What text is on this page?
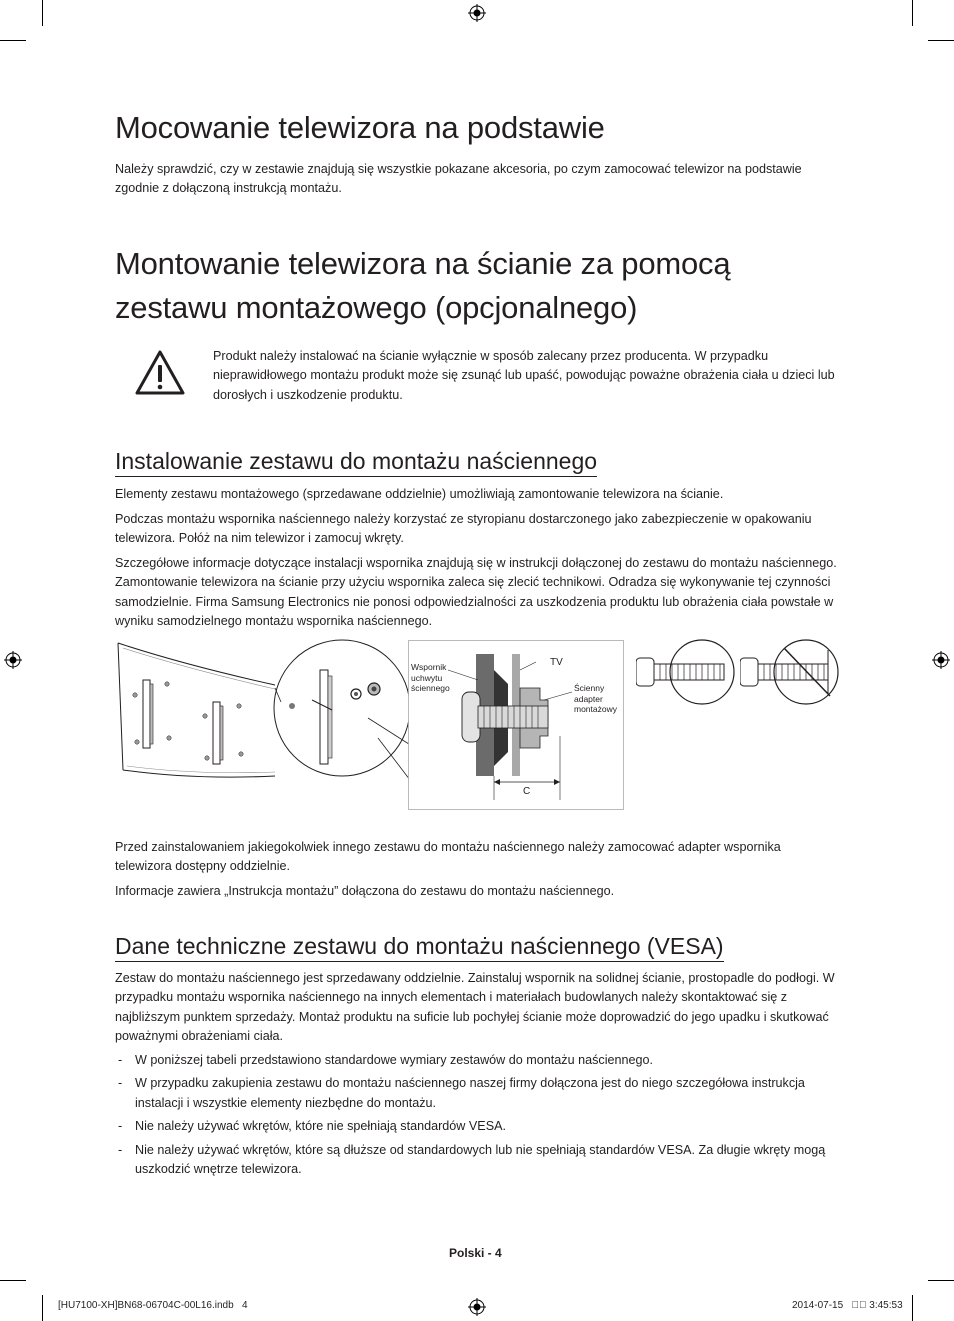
Mocowanie telewizora na podstawie

Należy sprawdzić, czy w zestawie znajdują się wszystkie pokazane akcesoria, po czym zamocować telewizor na podstawie zgodnie z dołączoną instrukcją montażu.

Montowanie telewizora na ścianie za pomocą
zestawu montażowego (opcjonalnego)

Produkt należy instalować na ścianie wyłącznie w sposób zalecany przez producenta. W przypadku nieprawidłowego montażu produkt może się zsunąć lub upaść, powodując poważne obrażenia ciała u dzieci lub dorosłych i uszkodzenie produktu.

Instalowanie zestawu do montażu naściennego

Elementy zestawu montażowego (sprzedawane oddzielnie) umożliwiają zamontowanie telewizora na ścianie.

Podczas montażu wspornika naściennego należy korzystać ze styropianu dostarczonego jako zabezpieczenie w opakowaniu telewizora. Połóż na nim telewizor i zamocuj wkręty.

Szczegółowe informacje dotyczące instalacji wspornika znajdują się w instrukcji dołączonej do zestawu do montażu naściennego. Zamontowanie telewizora na ścianie przy użyciu wspornika zaleca się zlecić technikowi. Odradza się wykonywanie tej czynności samodzielnie. Firma Samsung Electronics nie ponosi odpowiedzialności za uszkodzenia produktu lub obrażenia ciała powstałe w wyniku samodzielnego montażu wspornika naściennego.

Wspornik
uchwytu
ściennego
TV
Ścienny
adapter
montażowy
C

Przed zainstalowaniem jakiegokolwiek innego zestawu do montażu naściennego należy zamocować adapter wspornika telewizora dostępny oddzielnie.

Informacje zawiera „Instrukcja montażu” dołączona do zestawu do montażu naściennego.

Dane techniczne zestawu do montażu naściennego (VESA)

Zestaw do montażu naściennego jest sprzedawany oddzielnie. Zainstaluj wspornik na solidnej ścianie, prostopadle do podłogi. W przypadku montażu wspornika naściennego na innych elementach i materiałach budowlanych należy skontaktować się z najbliższym punktem sprzedaży. Montaż produktu na suficie lub pochyłej ścianie może doprowadzić do jego upadku i skutkować poważnymi obrażeniami ciała.

- W poniższej tabeli przedstawiono standardowe wymiary zestawów do montażu naściennego.
- W przypadku zakupienia zestawu do montażu naściennego naszej firmy dołączona jest do niego szczegółowa instrukcja instalacji i wszystkie elementy niezbędne do montażu.
- Nie należy używać wkrętów, które nie spełniają standardów VESA.
- Nie należy używać wkrętów, które są dłuższe od standardowych lub nie spełniają standardów VESA. Za długie wkręty mogą uszkodzić wnętrze telewizora.
Polski - 4
[HU7100-XH]BN68-06704C-00L16.indb   4	2014-07-15   ￿￿ 3:45:53
